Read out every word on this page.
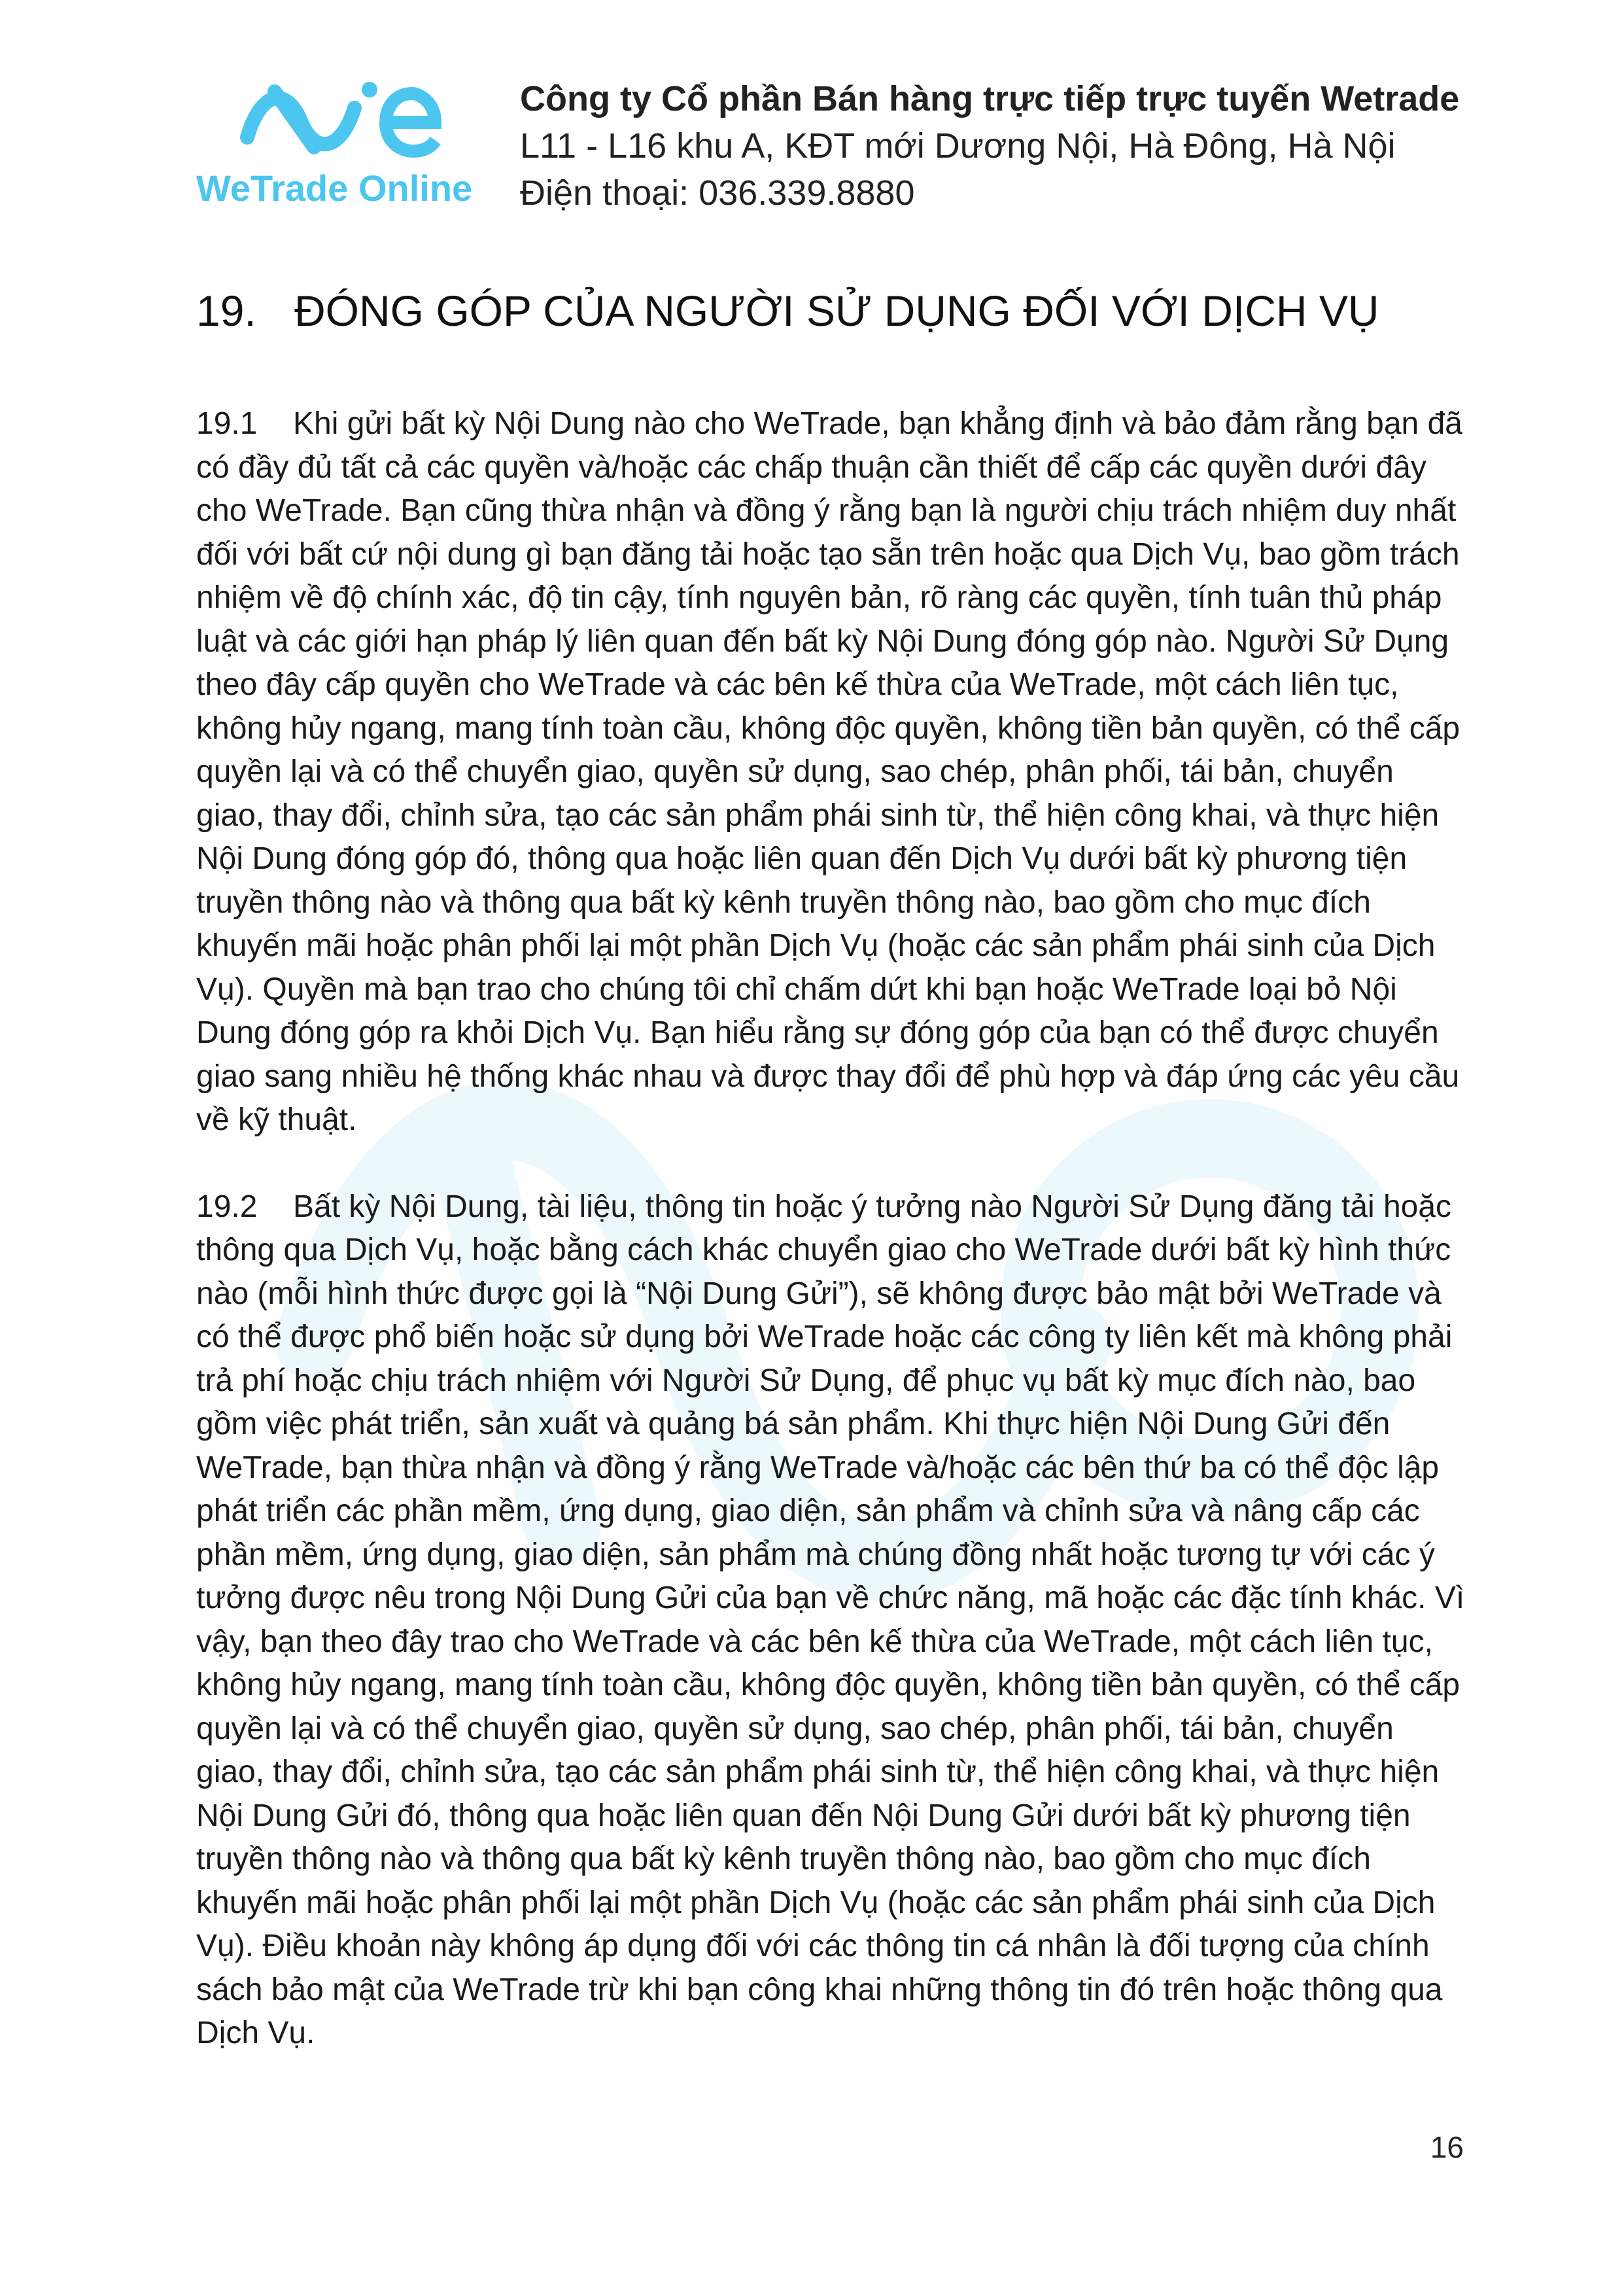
WeTrade Online
Công ty Cổ phần Bán hàng trực tiếp trực tuyến Wetrade
L11 - L16 khu A, KĐT mới Dương Nội, Hà Đông, Hà Nội
Điện thoại: 036.339.8880
19. ĐÓNG GÓP CỦA NGƯỜI SỬ DỤNG ĐỐI VỚI DỊCH VỤ

19.1 Khi gửi bất kỳ Nội Dung nào cho WeTrade, bạn khẳng định và bảo đảm rằng bạn đã có đầy đủ tất cả các quyền và/hoặc các chấp thuận cần thiết để cấp các quyền dưới đây cho WeTrade. Bạn cũng thừa nhận và đồng ý rằng bạn là người chịu trách nhiệm duy nhất đối với bất cứ nội dung gì bạn đăng tải hoặc tạo sẵn trên hoặc qua Dịch Vụ, bao gồm trách nhiệm về độ chính xác, độ tin cậy, tính nguyên bản, rõ ràng các quyền, tính tuân thủ pháp luật và các giới hạn pháp lý liên quan đến bất kỳ Nội Dung đóng góp nào. Người Sử Dụng theo đây cấp quyền cho WeTrade và các bên kế thừa của WeTrade, một cách liên tục, không hủy ngang, mang tính toàn cầu, không độc quyền, không tiền bản quyền, có thể cấp quyền lại và có thể chuyển giao, quyền sử dụng, sao chép, phân phối, tái bản, chuyển giao, thay đổi, chỉnh sửa, tạo các sản phẩm phái sinh từ, thể hiện công khai, và thực hiện Nội Dung đóng góp đó, thông qua hoặc liên quan đến Dịch Vụ dưới bất kỳ phương tiện truyền thông nào và thông qua bất kỳ kênh truyền thông nào, bao gồm cho mục đích khuyến mãi hoặc phân phối lại một phần Dịch Vụ (hoặc các sản phẩm phái sinh của Dịch Vụ). Quyền mà bạn trao cho chúng tôi chỉ chấm dứt khi bạn hoặc WeTrade loại bỏ Nội Dung đóng góp ra khỏi Dịch Vụ. Bạn hiểu rằng sự đóng góp của bạn có thể được chuyển giao sang nhiều hệ thống khác nhau và được thay đổi để phù hợp và đáp ứng các yêu cầu về kỹ thuật.

19.2 Bất kỳ Nội Dung, tài liệu, thông tin hoặc ý tưởng nào Người Sử Dụng đăng tải hoặc thông qua Dịch Vụ, hoặc bằng cách khác chuyển giao cho WeTrade dưới bất kỳ hình thức nào (mỗi hình thức được gọi là “Nội Dung Gửi”), sẽ không được bảo mật bởi WeTrade và có thể được phổ biến hoặc sử dụng bởi WeTrade hoặc các công ty liên kết mà không phải trả phí hoặc chịu trách nhiệm với Người Sử Dụng, để phục vụ bất kỳ mục đích nào, bao gồm việc phát triển, sản xuất và quảng bá sản phẩm. Khi thực hiện Nội Dung Gửi đến WeTrade, bạn thừa nhận và đồng ý rằng WeTrade và/hoặc các bên thứ ba có thể độc lập phát triển các phần mềm, ứng dụng, giao diện, sản phẩm và chỉnh sửa và nâng cấp các phần mềm, ứng dụng, giao diện, sản phẩm mà chúng đồng nhất hoặc tương tự với các ý tưởng được nêu trong Nội Dung Gửi của bạn về chức năng, mã hoặc các đặc tính khác. Vì vậy, bạn theo đây trao cho WeTrade và các bên kế thừa của WeTrade, một cách liên tục, không hủy ngang, mang tính toàn cầu, không độc quyền, không tiền bản quyền, có thể cấp quyền lại và có thể chuyển giao, quyền sử dụng, sao chép, phân phối, tái bản, chuyển giao, thay đổi, chỉnh sửa, tạo các sản phẩm phái sinh từ, thể hiện công khai, và thực hiện Nội Dung Gửi đó, thông qua hoặc liên quan đến Nội Dung Gửi dưới bất kỳ phương tiện truyền thông nào và thông qua bất kỳ kênh truyền thông nào, bao gồm cho mục đích khuyến mãi hoặc phân phối lại một phần Dịch Vụ (hoặc các sản phẩm phái sinh của Dịch Vụ). Điều khoản này không áp dụng đối với các thông tin cá nhân là đối tượng của chính sách bảo mật của WeTrade trừ khi bạn công khai những thông tin đó trên hoặc thông qua Dịch Vụ.

16
